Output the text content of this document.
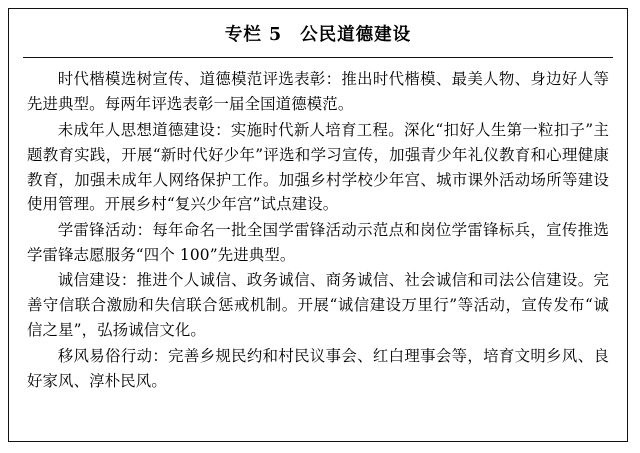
专栏 5 公民道德建设

时代楷模选树宣传、道德模范评选表彰：推出时代楷模、最美人物、身边好人等先进典型。每两年评选表彰一届全国道德模范。

未成年人思想道德建设：实施时代新人培育工程。深化“扣好人生第一粒扣子”主题教育实践，开展“新时代好少年”评选和学习宣传，加强青少年礼仪教育和心理健康教育，加强未成年人网络保护工作。加强乡村学校少年宫、城市课外活动场所等建设使用管理。开展乡村“复兴少年宫”试点建设。

学雷锋活动：每年命名一批全国学雷锋活动示范点和岗位学雷锋标兵，宣传推选学雷锋志愿服务“四个 100”先进典型。

诚信建设：推进个人诚信、政务诚信、商务诚信、社会诚信和司法公信建设。完善守信联合激励和失信联合惩戒机制。开展“诚信建设万里行”等活动，宣传发布“诚信之星”，弘扬诚信文化。

移风易俗行动：完善乡规民约和村民议事会、红白理事会等，培育文明乡风、良好家风、淳朴民风。
